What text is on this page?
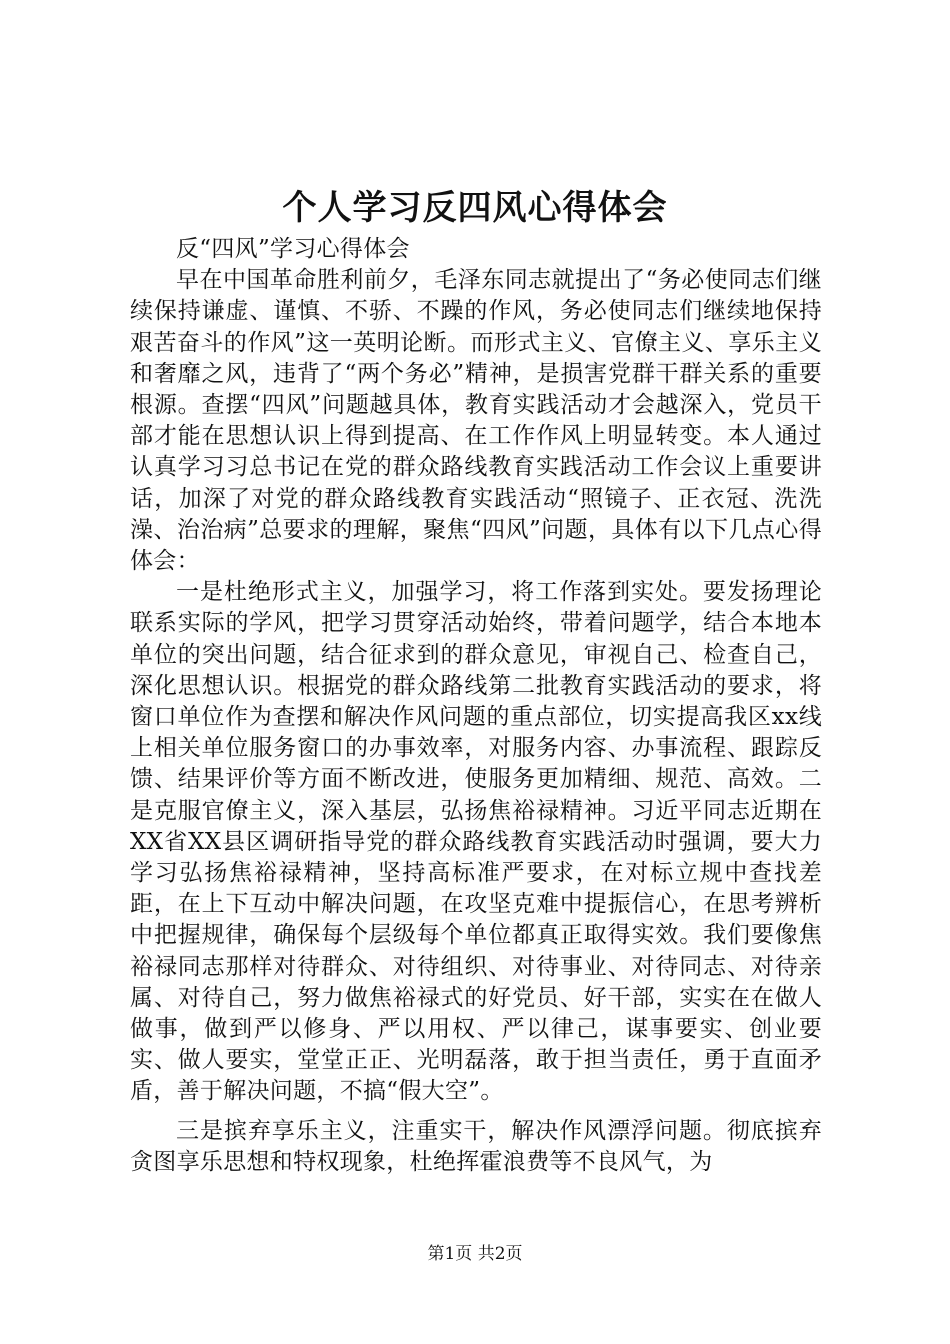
个人学习反四风心得体会

反“四风”学习心得体会

早在中国革命胜利前夕，毛泽东同志就提出了“务必使同志们继续保持谦虚、谨慎、不骄、不躁的作风，务必使同志们继续地保持艰苦奋斗的作风”这一英明论断。而形式主义、官僚主义、享乐主义和奢靡之风，违背了“两个务必”精神，是损害党群干群关系的重要根源。查摆“四风”问题越具体，教育实践活动才会越深入，党员干部才能在思想认识上得到提高、在工作作风上明显转变。本人通过认真学习习总书记在党的群众路线教育实践活动工作会议上重要讲话，加深了对党的群众路线教育实践活动“照镜子、正衣冠、洗洗澡、治治病”总要求的理解，聚焦“四风”问题，具体有以下几点心得体会：

一是杜绝形式主义，加强学习，将工作落到实处。要发扬理论联系实际的学风，把学习贯穿活动始终，带着问题学，结合本地本单位的突出问题，结合征求到的群众意见，审视自己、检查自己，深化思想认识。根据党的群众路线第二批教育实践活动的要求，将窗口单位作为查摆和解决作风问题的重点部位，切实提高我区xx线上相关单位服务窗口的办事效率，对服务内容、办事流程、跟踪反馈、结果评价等方面不断改进，使服务更加精细、规范、高效。二是克服官僚主义，深入基层，弘扬焦裕禄精神。习近平同志近期在XX省XX县区调研指导党的群众路线教育实践活动时强调，要大力学习弘扬焦裕禄精神，坚持高标准严要求，在对标立规中查找差距，在上下互动中解决问题，在攻坚克难中提振信心，在思考辨析中把握规律，确保每个层级每个单位都真正取得实效。我们要像焦裕禄同志那样对待群众、对待组织、对待事业、对待同志、对待亲属、对待自己，努力做焦裕禄式的好党员、好干部，实实在在做人做事，做到严以修身、严以用权、严以律己，谋事要实、创业要实、做人要实，堂堂正正、光明磊落，敢于担当责任，勇于直面矛盾，善于解决问题，不搞“假大空”。

三是摈弃享乐主义，注重实干，解决作风漂浮问题。彻底摈弃贪图享乐思想和特权现象，杜绝挥霍浪费等不良风气，为

第1页 共2页
